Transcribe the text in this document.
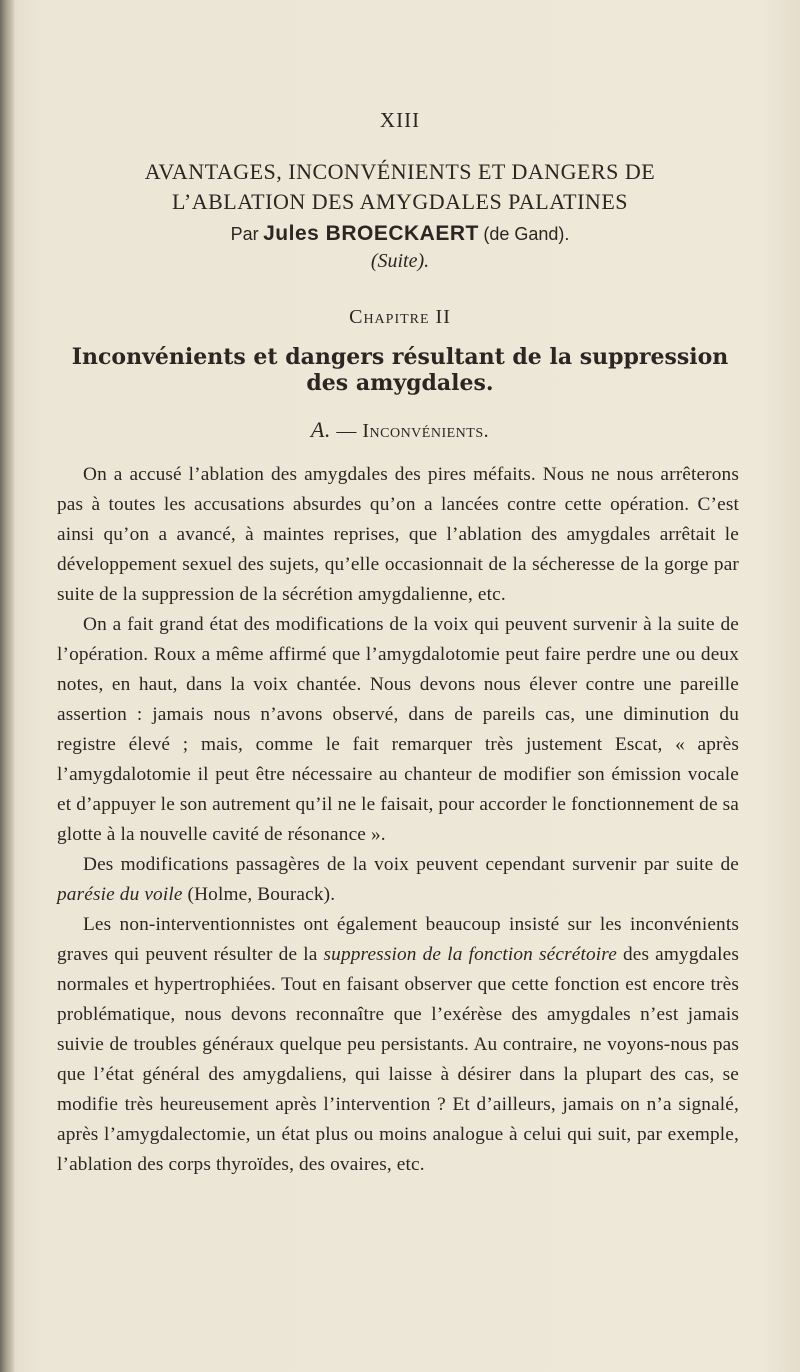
XIII
AVANTAGES, INCONVÉNIENTS ET DANGERS DE
L’ABLATION DES AMYGDALES PALATINES
Par Jules BROECKAERT (de Gand).
(Suite).
Chapitre II
Inconvénients et dangers résultant de la suppression
des amygdales.
A. — Inconvénients.

On a accusé l’ablation des amygdales des pires méfaits. Nous ne nous arrêterons pas à toutes les accusations absurdes qu’on a lancées contre cette opération. C’est ainsi qu’on a avancé, à maintes reprises, que l’ablation des amygdales arrêtait le développement sexuel des sujets, qu’elle occasionnait de la sécheresse de la gorge par suite de la suppression de la sécrétion amygdalienne, etc.

On a fait grand état des modifications de la voix qui peuvent survenir à la suite de l’opération. Roux a même affirmé que l’amygdalotomie peut faire perdre une ou deux notes, en haut, dans la voix chantée. Nous devons nous élever contre une pareille assertion : jamais nous n’avons observé, dans de pareils cas, une diminution du registre élevé ; mais, comme le fait remarquer très justement Escat, « après l’amygdalotomie il peut être nécessaire au chanteur de modifier son émission vocale et d’appuyer le son autrement qu’il ne le faisait, pour accorder le fonctionnement de sa glotte à la nouvelle cavité de résonance ».

Des modifications passagères de la voix peuvent cependant survenir par suite de parésie du voile (Holme, Bourack).

Les non-interventionnistes ont également beaucoup insisté sur les inconvénients graves qui peuvent résulter de la suppression de la fonction sécrétoire des amygdales normales et hypertrophiées. Tout en faisant observer que cette fonction est encore très problématique, nous devons reconnaître que l’exérèse des amygdales n’est jamais suivie de troubles généraux quelque peu persistants. Au contraire, ne voyons-nous pas que l’état général des amygdaliens, qui laisse à désirer dans la plupart des cas, se modifie très heureusement après l’intervention ? Et d’ailleurs, jamais on n’a signalé, après l’amygdalectomie, un état plus ou moins analogue à celui qui suit, par exemple, l’ablation des corps thyroïdes, des ovaires, etc.
